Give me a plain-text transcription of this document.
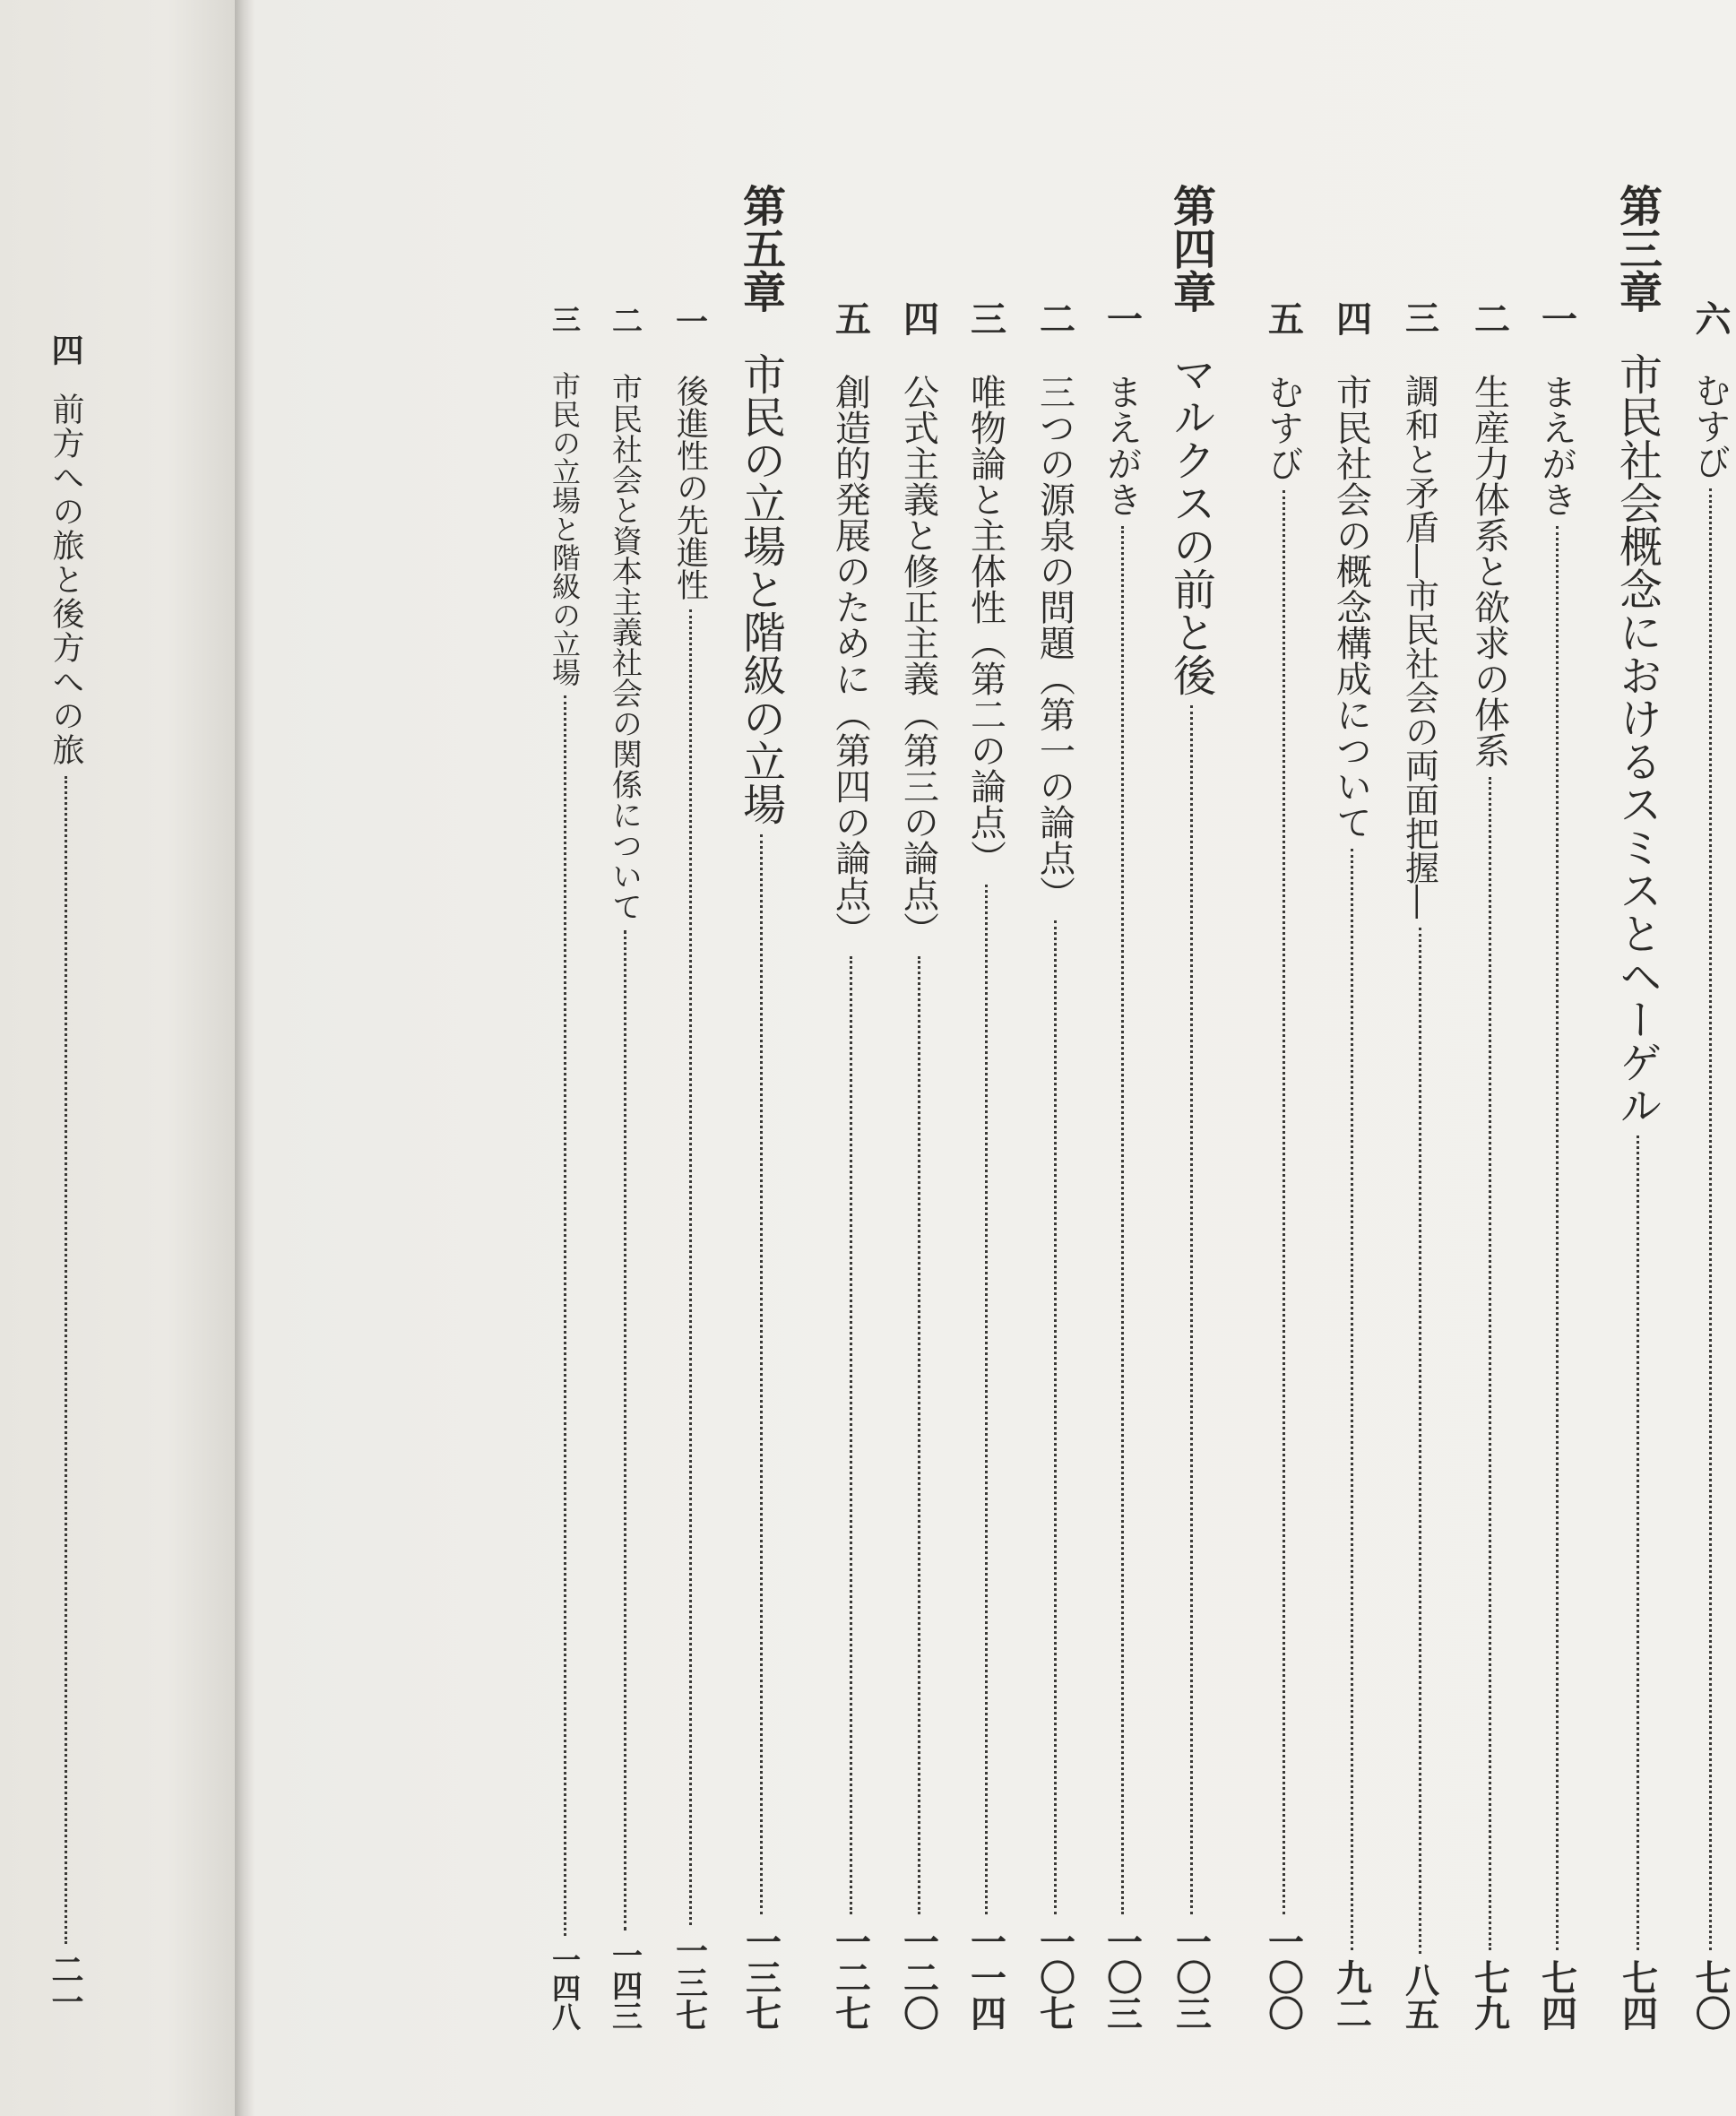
四
前方への旅と後方への旅
二一
六
むすび
七〇
第三章
市民社会概念におけるスミスとヘーゲル
七四
一
まえがき
七四
二
生産力体系と欲求の体系
七九
三
調和と矛盾―市民社会の両面把握―
八五
四
市民社会の概念構成について
九二
五
むすび
一〇〇
第四章
マルクスの前と後
一〇三
一
まえがき
一〇三
二
三つの源泉の問題（第一の論点）
一〇七
三
唯物論と主体性（第二の論点）
一一四
四
公式主義と修正主義（第三の論点）
一二〇
五
創造的発展のために（第四の論点）
一二七
第五章
市民の立場と階級の立場
一三七
一
後進性の先進性
一三七
二
市民社会と資本主義社会の関係について
一四三
三
市民の立場と階級の立場
一四八
